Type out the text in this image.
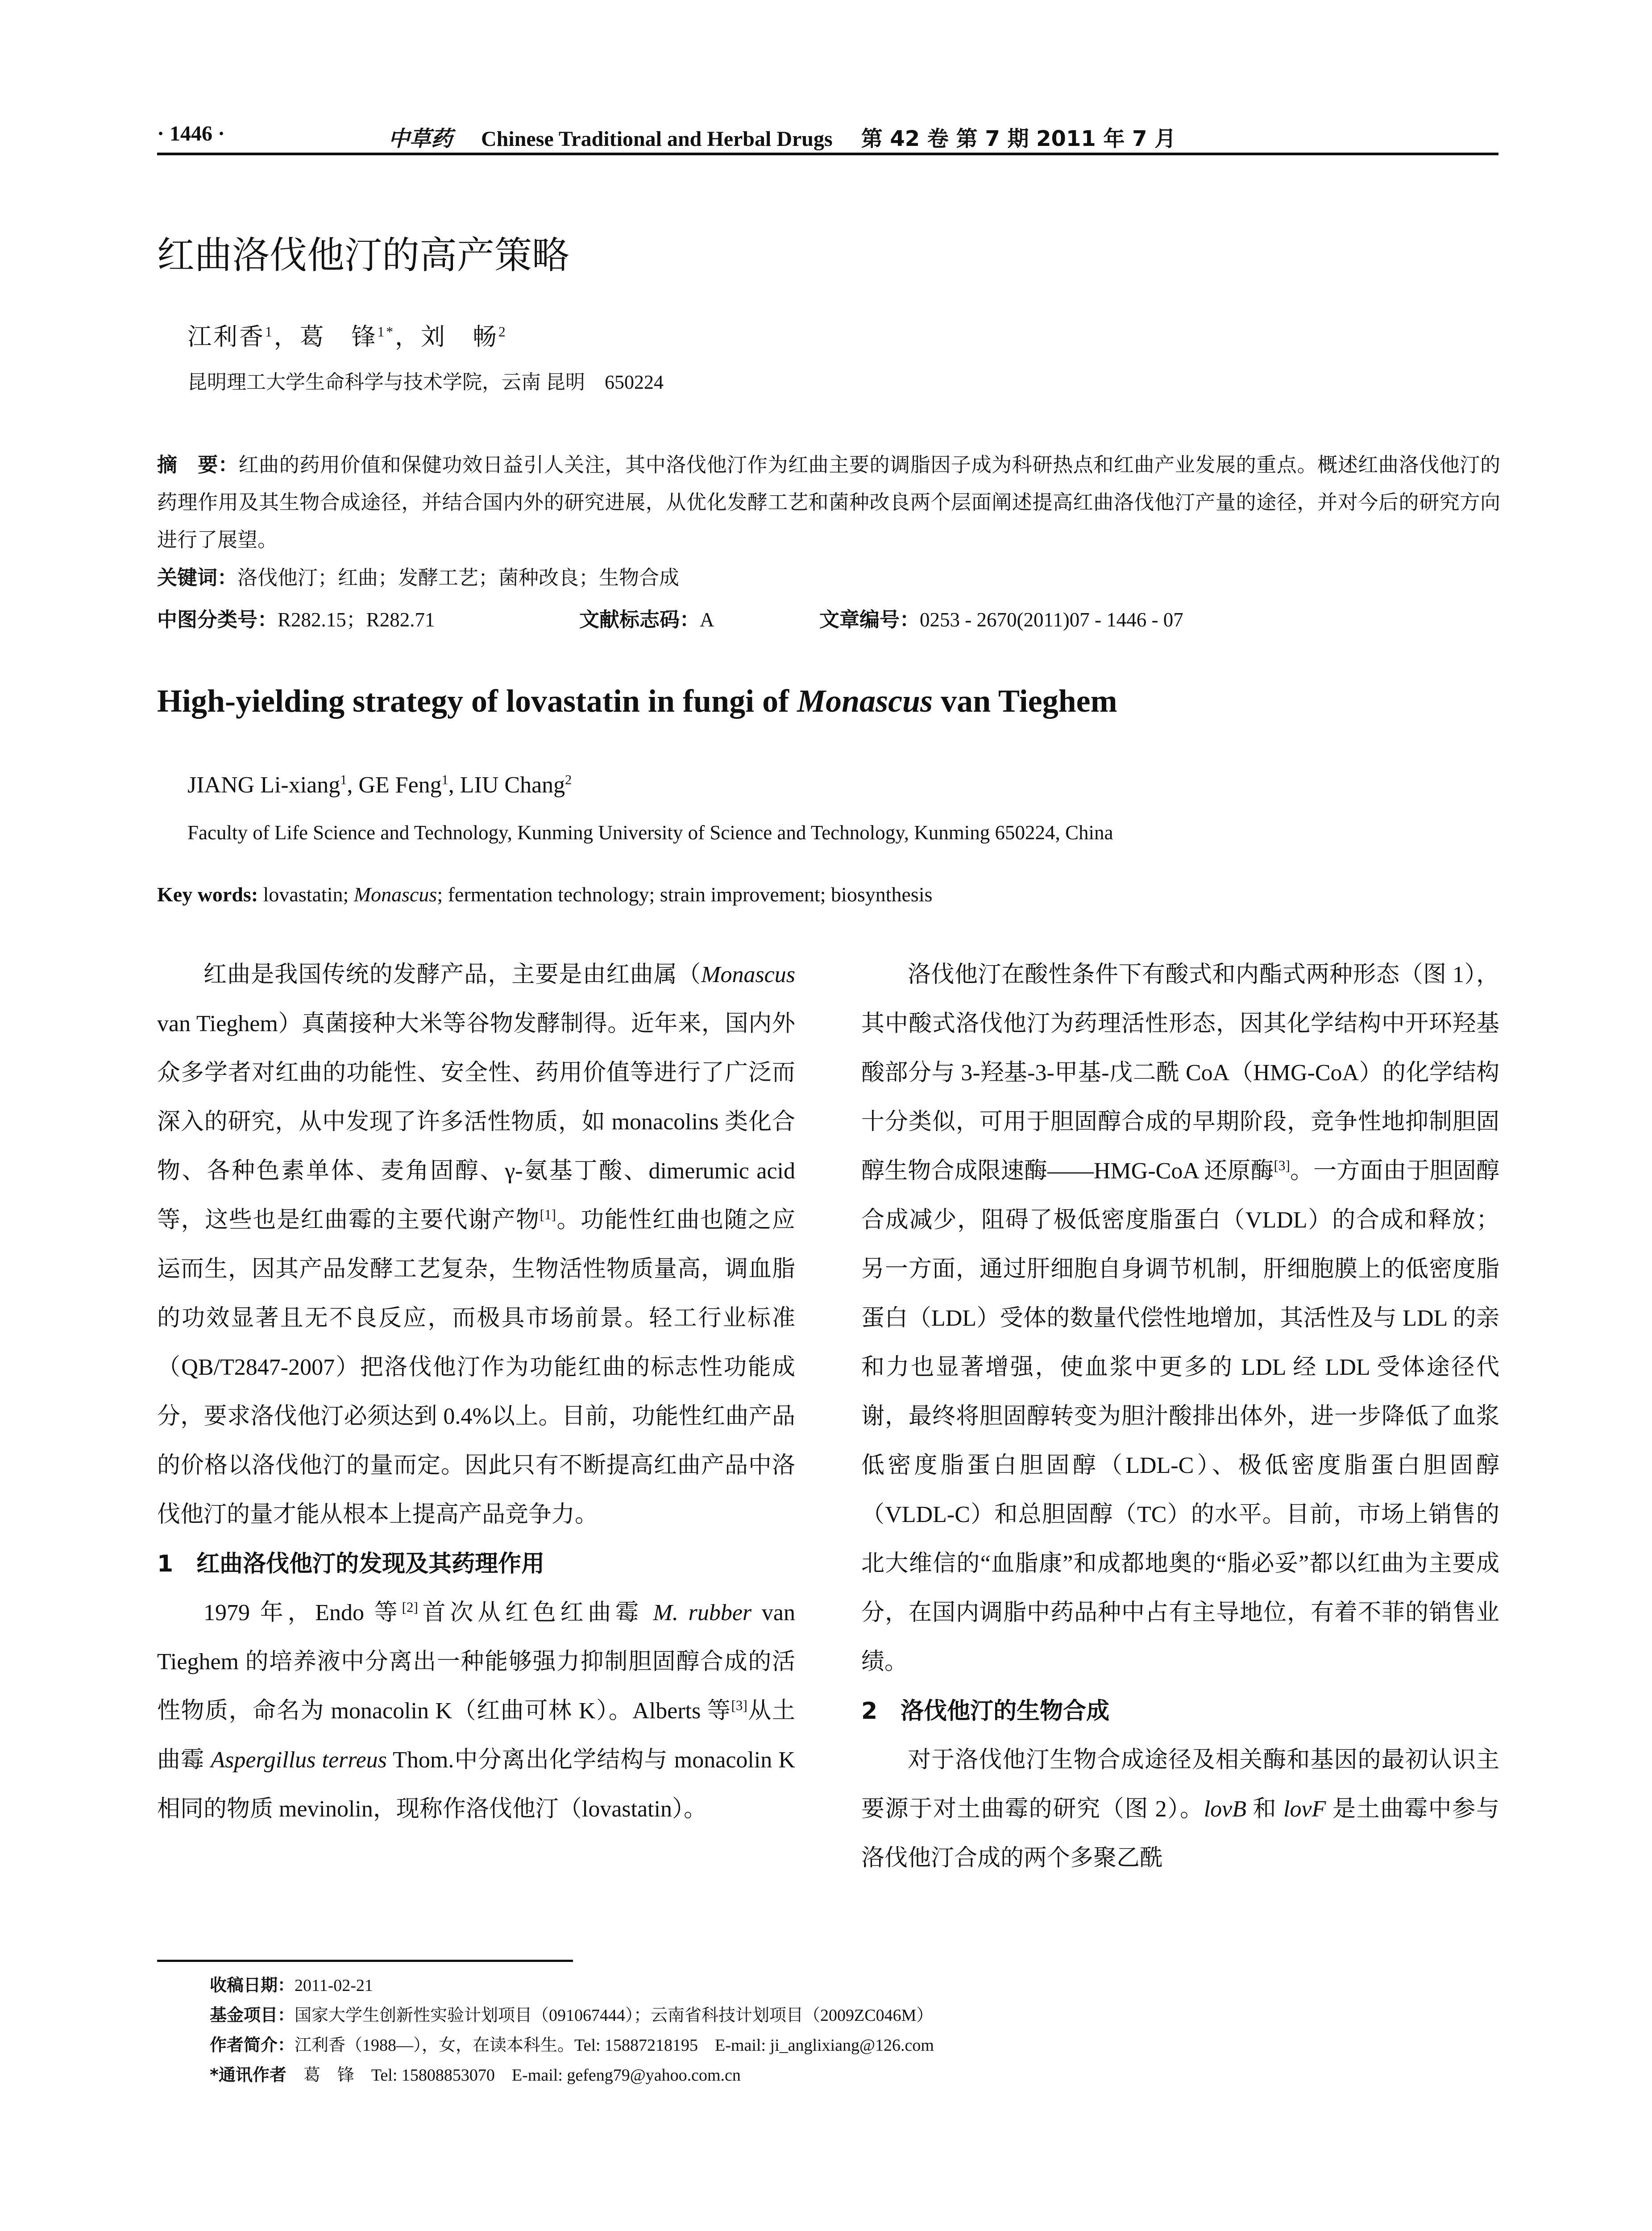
· 1446 ·	中草药 Chinese Traditional and Herbal Drugs 第 42 卷 第 7 期 2011 年 7 月
红曲洛伐他汀的高产策略
江利香$^1$，葛　锋$^{1*}$，刘　畅$^2$
昆明理工大学生命科学与技术学院，云南 昆明　650224
摘　要：红曲的药用价值和保健功效日益引人关注，其中洛伐他汀作为红曲主要的调脂因子成为科研热点和红曲产业发展的重点。概述红曲洛伐他汀的药理作用及其生物合成途径，并结合国内外的研究进展，从优化发酵工艺和菌种改良两个层面阐述提高红曲洛伐他汀产量的途径，并对今后的研究方向进行了展望。
关键词：洛伐他汀；红曲；发酵工艺；菌种改良；生物合成
中图分类号：R282.15；R282.71	文献标志码：A	文章编号：0253 - 2670(2011)07 - 1446 - 07
High-yielding strategy of lovastatin in fungi of Monascus van Tieghem
JIANG Li-xiang$^1$, GE Feng$^1$, LIU Chang$^2$
Faculty of Life Science and Technology, Kunming University of Science and Technology, Kunming 650224, China
Key words: lovastatin; Monascus; fermentation technology; strain improvement; biosynthesis

红曲是我国传统的发酵产品，主要是由红曲属（Monascus van Tieghem）真菌接种大米等谷物发酵制得。近年来，国内外众多学者对红曲的功能性、安全性、药用价值等进行了广泛而深入的研究，从中发现了许多活性物质，如 monacolins 类化合物、各种色素单体、麦角固醇、γ-氨基丁酸、dimerumic acid 等，这些也是红曲霉的主要代谢产物[1]。功能性红曲也随之应运而生，因其产品发酵工艺复杂，生物活性物质量高，调血脂的功效显著且无不良反应，而极具市场前景。轻工行业标准（QB/T2847-2007）把洛伐他汀作为功能红曲的标志性功能成分，要求洛伐他汀必须达到 0.4%以上。目前，功能性红曲产品的价格以洛伐他汀的量而定。因此只有不断提高红曲产品中洛伐他汀的量才能从根本上提高产品竞争力。

1　红曲洛伐他汀的发现及其药理作用

1979 年，Endo 等[2]首次从红色红曲霉 M. rubber van Tieghem 的培养液中分离出一种能够强力抑制胆固醇合成的活性物质，命名为 monacolin K（红曲可林 K）。Alberts 等[3]从土曲霉 Aspergillus terreus Thom.中分离出化学结构与 monacolin K 相同的物质 mevinolin，现称作洛伐他汀（lovastatin）。

洛伐他汀在酸性条件下有酸式和内酯式两种形态（图 1），其中酸式洛伐他汀为药理活性形态，因其化学结构中开环羟基酸部分与 3-羟基-3-甲基-戊二酰 CoA（HMG-CoA）的化学结构十分类似，可用于胆固醇合成的早期阶段，竞争性地抑制胆固醇生物合成限速酶——HMG-CoA 还原酶[3]。一方面由于胆固醇合成减少，阻碍了极低密度脂蛋白（VLDL）的合成和释放；另一方面，通过肝细胞自身调节机制，肝细胞膜上的低密度脂蛋白（LDL）受体的数量代偿性地增加，其活性及与 LDL 的亲和力也显著增强，使血浆中更多的 LDL 经 LDL 受体途径代谢，最终将胆固醇转变为胆汁酸排出体外，进一步降低了血浆低密度脂蛋白胆固醇（LDL-C）、极低密度脂蛋白胆固醇（VLDL-C）和总胆固醇（TC）的水平。目前，市场上销售的北大维信的“血脂康”和成都地奥的“脂必妥”都以红曲为主要成分，在国内调脂中药品种中占有主导地位，有着不菲的销售业绩。

2　洛伐他汀的生物合成

对于洛伐他汀生物合成途径及相关酶和基因的最初认识主要源于对土曲霉的研究（图 2）。lovB 和 lovF 是土曲霉中参与洛伐他汀合成的两个多聚乙酰

收稿日期：2011-02-21
基金项目：国家大学生创新性实验计划项目（091067444）；云南省科技计划项目（2009ZC046M）
作者简介：江利香（1988—），女，在读本科生。Tel: 15887218195　E-mail: ji_anglixiang@126.com
*通讯作者　葛　锋　Tel: 15808853070　E-mail: gefeng79@yahoo.com.cn
